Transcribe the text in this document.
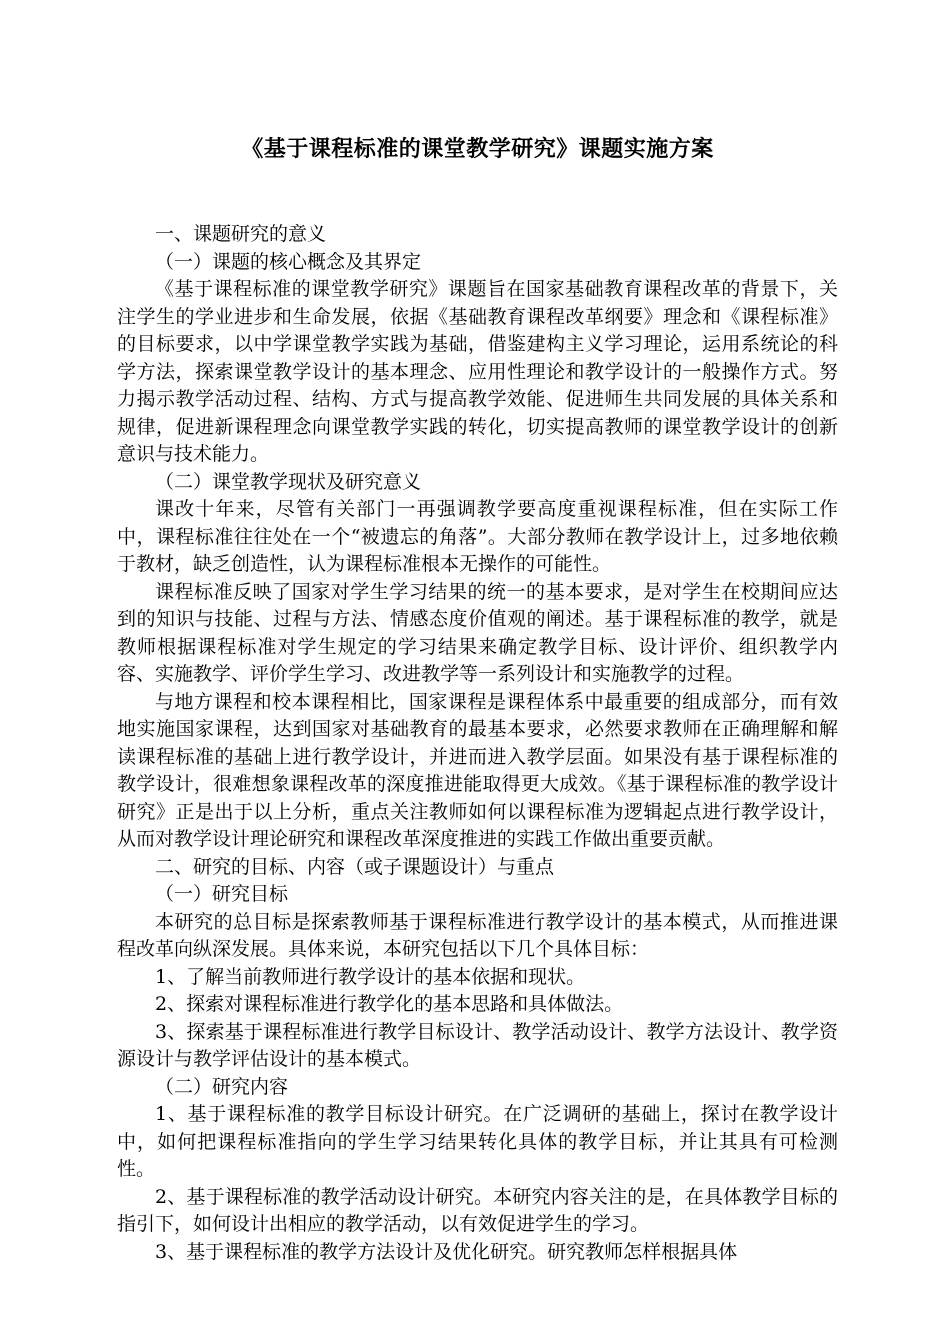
《基于课程标准的课堂教学研究》课题实施方案

一、课题研究的意义

（一）课题的核心概念及其界定

《基于课程标准的课堂教学研究》课题旨在国家基础教育课程改革的背景下，关注学生的学业进步和生命发展，依据《基础教育课程改革纲要》理念和《课程标准》的目标要求，以中学课堂教学实践为基础，借鉴建构主义学习理论，运用系统论的科学方法，探索课堂教学设计的基本理念、应用性理论和教学设计的一般操作方式。努力揭示教学活动过程、结构、方式与提高教学效能、促进师生共同发展的具体关系和规律，促进新课程理念向课堂教学实践的转化，切实提高教师的课堂教学设计的创新意识与技术能力。

（二）课堂教学现状及研究意义

课改十年来，尽管有关部门一再强调教学要高度重视课程标准，但在实际工作中，课程标准往往处在一个“被遗忘的角落”。大部分教师在教学设计上，过多地依赖于教材，缺乏创造性，认为课程标准根本无操作的可能性。

课程标准反映了国家对学生学习结果的统一的基本要求，是对学生在校期间应达到的知识与技能、过程与方法、情感态度价值观的阐述。基于课程标准的教学，就是教师根据课程标准对学生规定的学习结果来确定教学目标、设计评价、组织教学内容、实施教学、评价学生学习、改进教学等一系列设计和实施教学的过程。

与地方课程和校本课程相比，国家课程是课程体系中最重要的组成部分，而有效地实施国家课程，达到国家对基础教育的最基本要求，必然要求教师在正确理解和解读课程标准的基础上进行教学设计，并进而进入教学层面。如果没有基于课程标准的教学设计，很难想象课程改革的深度推进能取得更大成效。《基于课程标准的教学设计研究》正是出于以上分析，重点关注教师如何以课程标准为逻辑起点进行教学设计，从而对教学设计理论研究和课程改革深度推进的实践工作做出重要贡献。

二、研究的目标、内容（或子课题设计）与重点

（一）研究目标

本研究的总目标是探索教师基于课程标准进行教学设计的基本模式，从而推进课程改革向纵深发展。具体来说，本研究包括以下几个具体目标：

1、了解当前教师进行教学设计的基本依据和现状。

2、探索对课程标准进行教学化的基本思路和具体做法。

3、探索基于课程标准进行教学目标设计、教学活动设计、教学方法设计、教学资源设计与教学评估设计的基本模式。

（二）研究内容

1、基于课程标准的教学目标设计研究。在广泛调研的基础上，探讨在教学设计中，如何把课程标准指向的学生学习结果转化具体的教学目标，并让其具有可检测性。

2、基于课程标准的教学活动设计研究。本研究内容关注的是，在具体教学目标的指引下，如何设计出相应的教学活动，以有效促进学生的学习。

3、基于课程标准的教学方法设计及优化研究。研究教师怎样根据具体
